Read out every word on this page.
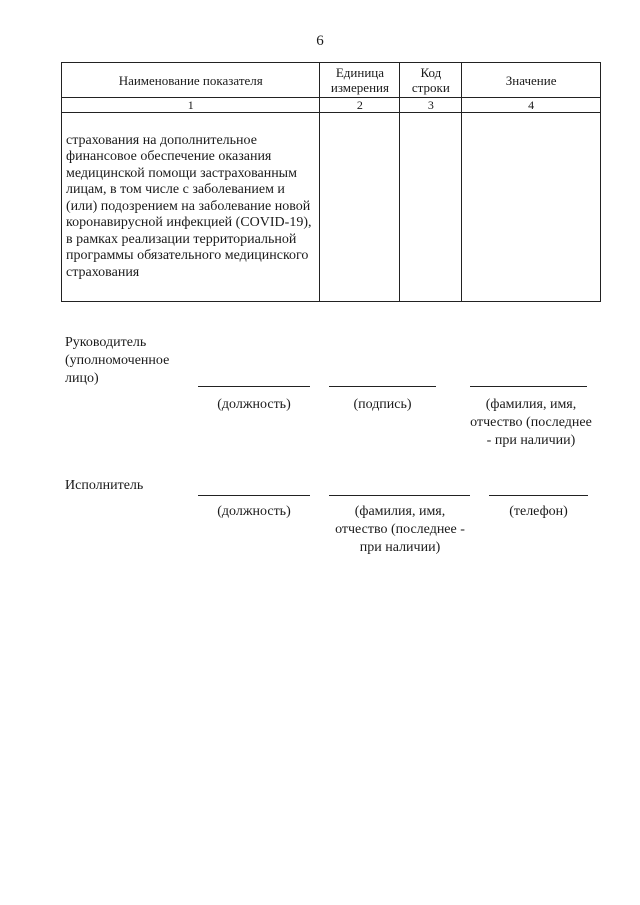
6
Наименование показателя	Единица измерения	Код строки	Значение
1	2	3	4
страхования на дополнительное финансовое обеспечение оказания медицинской помощи застрахованным лицам, в том числе с заболеванием и (или) подозрением на заболевание новой коронавирусной инфекцией (COVID-19), в рамках реализации территориальной программы обязательного медицинского страхования			
Руководитель (уполномоченное лицо)
(должность)	(подпись)	(фамилия, имя, отчество (последнее - при наличии)
Исполнитель
(должность)	(фамилия, имя, отчество (последнее - при наличии)
(телефон)
